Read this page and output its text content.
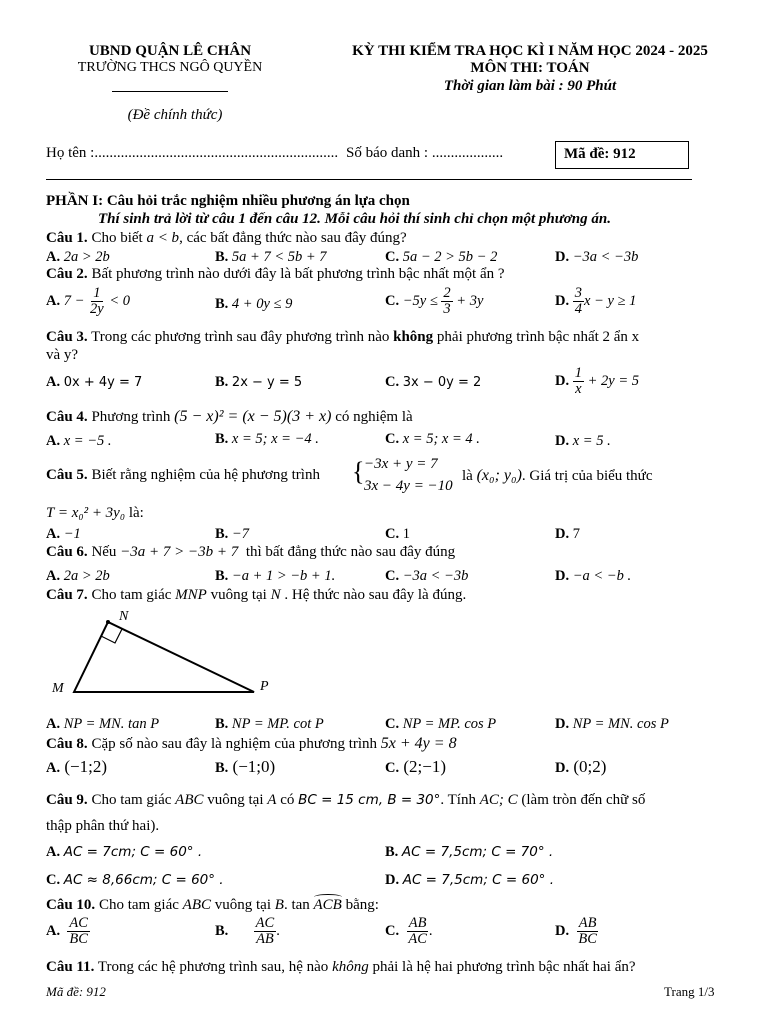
UBND QUẬN LÊ CHÂN
TRƯỜNG THCS NGÔ QUYỀN
(Đề chính thức)
KỲ THI KIỂM TRA HỌC KÌ I NĂM HỌC 2024 - 2025
MÔN THI: TOÁN
Thời gian làm bài : 90 Phút
Họ tên :................................................................. Số báo danh : ...................	Mã đề: 912
PHẦN I: Câu hỏi trắc nghiệm nhiều phương án lựa chọn
Thí sinh trả lời từ câu 1 đến câu 12. Mỗi câu hỏi thí sinh chỉ chọn một phương án.
Câu 1. Cho biết a < b, các bất đẳng thức nào sau đây đúng?
A. 2a > 2b	B. 5a + 7 < 5b + 7	C. 5a − 2 > 5b − 2	D. −3a < −3b
Câu 2. Bất phương trình nào dưới đây là bất phương trình bậc nhất một ẩn ?
A. $7 - \frac{1}{2y} < 0$	B. 4 + 0y ≤ 9	C. $-5y \le \frac{2}{3} + 3y$	D. $\frac{3}{4}$ x − y ≥ 1
Câu 3. Trong các phương trình sau đây phương trình nào không phải phương trình bậc nhất 2 ẩn x
và y?
A. 0x + 4y = 7	B. 2x − y = 5	C. 3x − 0y = 2	D. $\frac{1}{x} + 2y = 5$
Câu 4. Phương trình (5 − x)² = (x − 5)(3 + x) có nghiệm là
A. x = −5 .	B. x = 5; x = −4 .	C. x = 5; x = 4 .	D. x = 5 .
Câu 5. Biết rằng nghiệm của hệ phương trình { −3x + y = 7
3x − 4y = −10
là (x₀; y₀). Giá trị của biểu thức
T = x₀² + 3y₀ là:
A. −1	B. −7	C. 1	D. 7
Câu 6. Nếu −3a + 7 > −3b + 7 thì bất đẳng thức nào sau đây đúng
A. 2a > 2b	B. −a + 1 > −b + 1.	C. −3a < −3b	D. −a < −b .
Câu 7. Cho tam giác MNP vuông tại N . Hệ thức nào sau đây là đúng.
N
M	P
A. NP = MN. tan P	B. NP = MP. cot P	C. NP = MP. cos P	D. NP = MN. cos P
Câu 8. Cặp số nào sau đây là nghiệm của phương trình 5x + 4y = 8
A. (−1;2)	B. (−1;0)	C. (2;−1)	D. (0;2)
Câu 9. Cho tam giác ABC vuông tại A có BC = 15 cm, B = 30°. Tính AC; C (làm tròn đến chữ số
thập phân thứ hai).
A. AC = 7cm; C = 60° .	B. AC = 7,5cm; C = 70° .
C. AC ≈ 8,66cm; C = 60° .	D. AC = 7,5cm; C = 60° .
Câu 10. Cho tam giác ABC vuông tại B. tan ACB bằng:
A. $\frac{AC}{BC}$	B. $\frac{AC}{AB}$ .	C. $\frac{AB}{AC}$ .	D. $\frac{AB}{BC}$
Câu 11. Trong các hệ phương trình sau, hệ nào không phải là hệ hai phương trình bậc nhất hai ẩn?
Mã đề: 912	Trang 1/3
